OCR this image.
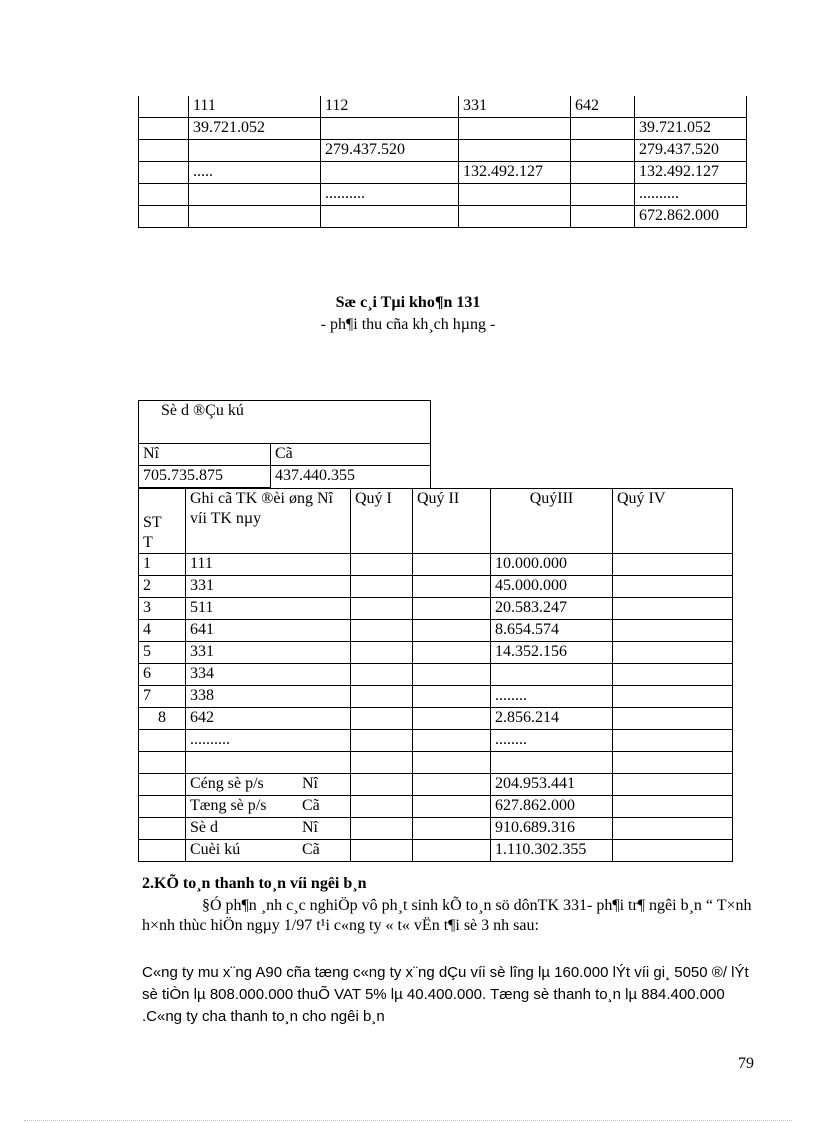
	111	112	331	642	
	39.721.052				39.721.052
		279.437.520			279.437.520
	.....		132.492.127		132.492.127
		..........			..........
					672.862.000
Sæ c¸i Tµi kho¶n 131
- ph¶i thu cña kh¸ch hµng -
Sè d ®Çu kú	

Nî	Cã
705.735.875	437.440.355
ST T	Ghi cã TK ®èi øng Nî víi TK nµy	Quý I	Quý II	QuýIII	Quý IV
1	111			10.000.000	
2	331			45.000.000	
3	511			20.583.247	
4	641			8.654.574	
5	331			14.352.156	
6	334				
7	338			........	
8	642			2.856.214	
	..........			........	

	Céng sè p/s Nî			204.953.441	
	Tæng sè p/s Cã			627.862.000	
	Sè d Nî			910.689.316	
	Cuèi kú Cã			1.110.302.355	
2.KÕ to¸n thanh to¸n víi ngêi b¸n
§Ó ph¶n ¸nh c¸c nghiÖp vô ph¸t sinh kÕ to¸n sö dônTK 331- ph¶i tr¶ ngêi b¸n “ T×nh h×nh thùc hiÖn ngµy 1/97 t¹i c«ng ty « t« vËn t¶i sè 3 nh sau:
C«ng ty mu x¨ng A90 cña tæng c«ng ty x¨ng dÇu víi sè lîng lµ 160.000 lÝt víi gi¸ 5050 ®/ lÝt sè tiÒn lµ 808.000.000 thuÕ VAT 5% lµ 40.400.000. Tæng sè thanh to¸n lµ 884.400.000 .C«ng ty cha thanh to¸n cho ngêi b¸n
79
